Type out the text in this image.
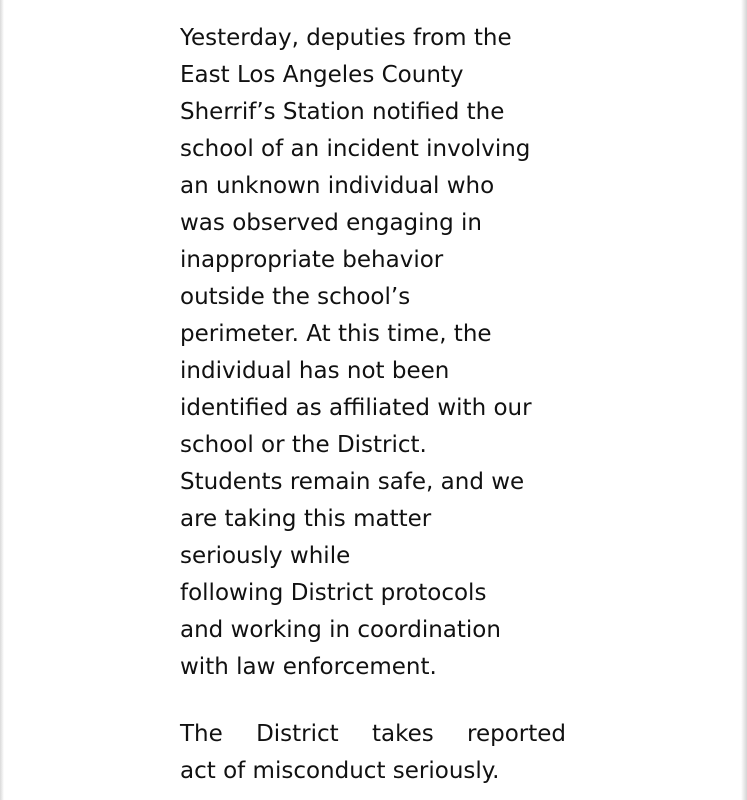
Yesterday, deputies from the
East Los Angeles County
Sherrif’s Station notified the
school of an incident involving
an unknown individual who
was observed engaging in
inappropriate behavior
outside the school’s
perimeter. At this time, the
individual has not been
identified as affiliated with our
school or the District.
Students remain safe, and we
are taking this matter
seriously while
following District protocols
and working in coordination
with law enforcement.
The District takes reported
act of misconduct seriously.
